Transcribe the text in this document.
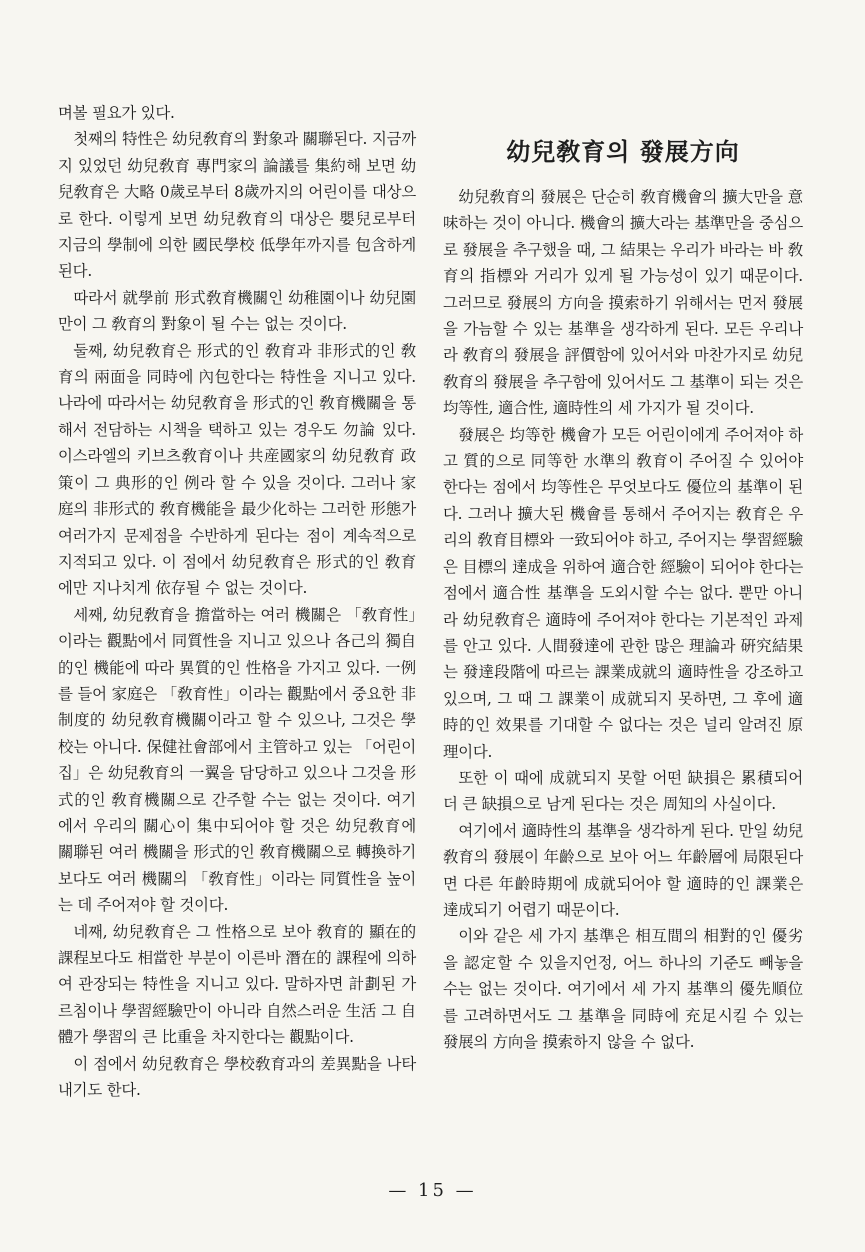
며볼 필요가 있다.

첫째의 特性은 幼兒敎育의 對象과 關聯된다. 지금까지 있었던 幼兒敎育 專門家의 論議를 集約해 보면 幼兒敎育은 大略 0歲로부터 8歲까지의 어린이를 대상으로 한다. 이렇게 보면 幼兒敎育의 대상은 嬰兒로부터 지금의 學制에 의한 國民學校 低學年까지를 包含하게 된다.

따라서 就學前 形式敎育機關인 幼稚園이나 幼兒園만이 그 敎育의 對象이 될 수는 없는 것이다.

둘째, 幼兒敎育은 形式的인 敎育과 非形式的인 敎育의 兩面을 同時에 內包한다는 特性을 지니고 있다. 나라에 따라서는 幼兒敎育을 形式的인 敎育機關을 통해서 전담하는 시책을 택하고 있는 경우도 勿論 있다. 이스라엘의 키브츠敎育이나 共産國家의 幼兒敎育 政策이 그 典形的인 例라 할 수 있을 것이다. 그러나 家庭의 非形式的 敎育機能을 最少化하는 그러한 形態가 여러가지 문제점을 수반하게 된다는 점이 계속적으로 지적되고 있다. 이 점에서 幼兒敎育은 形式的인 敎育에만 지나치게 依存될 수 없는 것이다.

세째, 幼兒敎育을 擔當하는 여러 機關은 「敎育性」이라는 觀點에서 同質性을 지니고 있으나 各己의 獨自的인 機能에 따라 異質的인 性格을 가지고 있다. 一例를 들어 家庭은 「敎育性」이라는 觀點에서 중요한 非制度的 幼兒敎育機關이라고 할 수 있으나, 그것은 學校는 아니다. 保健社會部에서 主管하고 있는 「어린이집」은 幼兒敎育의 一翼을 담당하고 있으나 그것을 形式的인 敎育機關으로 간주할 수는 없는 것이다. 여기에서 우리의 關心이 集中되어야 할 것은 幼兒敎育에 關聯된 여러 機關을 形式的인 敎育機關으로 轉換하기보다도 여러 機關의 「敎育性」이라는 同質性을 높이는 데 주어져야 할 것이다.

네째, 幼兒敎育은 그 性格으로 보아 敎育的 顯在的 課程보다도 相當한 부분이 이른바 潛在的 課程에 의하여 관장되는 特性을 지니고 있다. 말하자면 計劃된 가르침이나 學習經驗만이 아니라 自然스러운 生活 그 自體가 學習의 큰 比重을 차지한다는 觀點이다.

이 점에서 幼兒敎育은 學校敎育과의 差異點을 나타내기도 한다.

幼兒敎育의 發展方向

幼兒敎育의 發展은 단순히 敎育機會의 擴大만을 意味하는 것이 아니다. 機會의 擴大라는 基準만을 중심으로 發展을 추구했을 때, 그 結果는 우리가 바라는 바 敎育의 指標와 거리가 있게 될 가능성이 있기 때문이다. 그러므로 發展의 方向을 摸索하기 위해서는 먼저 發展을 가늠할 수 있는 基準을 생각하게 된다. 모든 우리나라 敎育의 發展을 評價함에 있어서와 마찬가지로 幼兒敎育의 發展을 추구함에 있어서도 그 基準이 되는 것은 均等性, 適合性, 適時性의 세 가지가 될 것이다.

發展은 均等한 機會가 모든 어린이에게 주어져야 하고 質的으로 同等한 水準의 敎育이 주어질 수 있어야 한다는 점에서 均等性은 무엇보다도 優位의 基準이 된다. 그러나 擴大된 機會를 통해서 주어지는 敎育은 우리의 敎育目標와 一致되어야 하고, 주어지는 學習經驗은 目標의 達成을 위하여 適合한 經驗이 되어야 한다는 점에서 適合性 基準을 도외시할 수는 없다. 뿐만 아니라 幼兒敎育은 適時에 주어져야 한다는 기본적인 과제를 안고 있다. 人間發達에 관한 많은 理論과 硏究結果는 發達段階에 따르는 課業成就의 適時性을 강조하고 있으며, 그 때 그 課業이 成就되지 못하면, 그 후에 適時的인 效果를 기대할 수 없다는 것은 널리 알려진 原理이다.

또한 이 때에 成就되지 못할 어떤 缺損은 累積되어 더 큰 缺損으로 남게 된다는 것은 周知의 사실이다.

여기에서 適時性의 基準을 생각하게 된다. 만일 幼兒敎育의 發展이 年齡으로 보아 어느 年齡層에 局限된다면 다른 年齡時期에 成就되어야 할 適時的인 課業은 達成되기 어렵기 때문이다.

이와 같은 세 가지 基準은 相互間의 相對的인 優劣을 認定할 수 있을지언정, 어느 하나의 기준도 빼놓을 수는 없는 것이다. 여기에서 세 가지 基準의 優先順位를 고려하면서도 그 基準을 同時에 充足시킬 수 있는 發展의 方向을 摸索하지 않을 수 없다.

— 15 —
